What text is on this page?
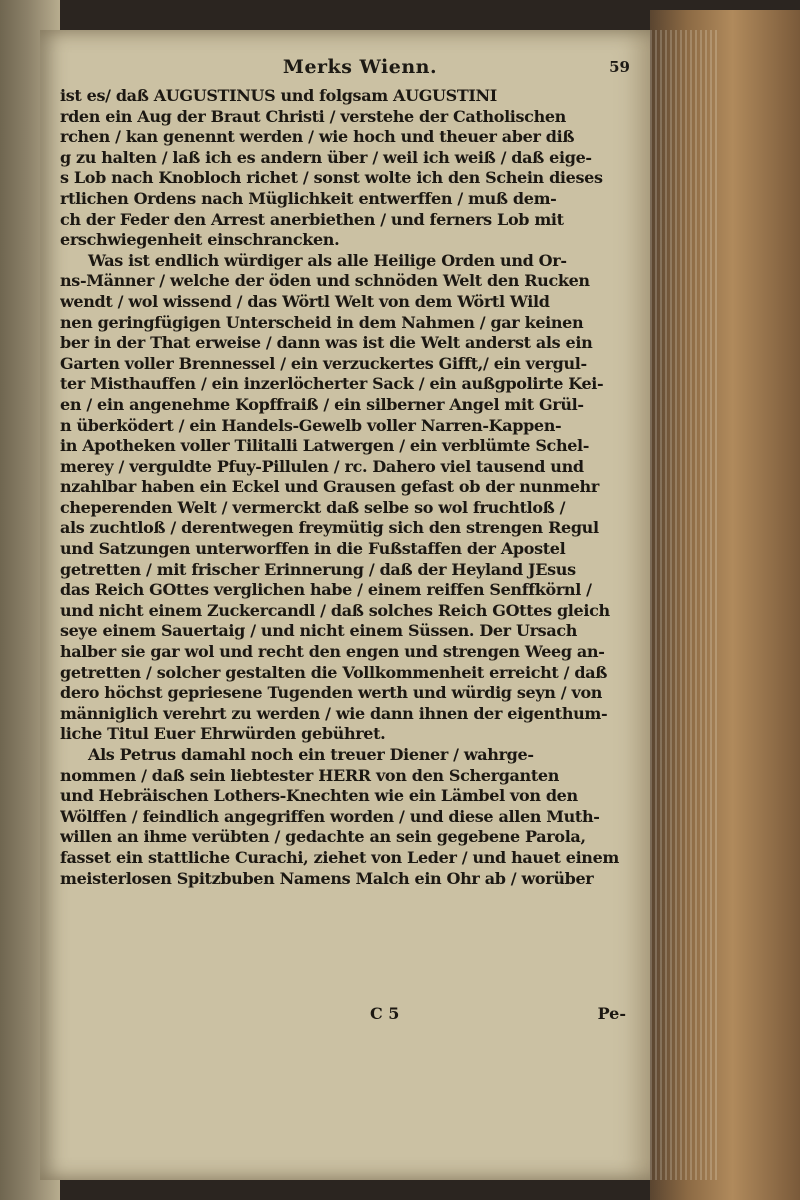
Merks Wienn.	59
ist es/ daß AUGUSTINUS und folgsam AUGUSTINI
rden ein Aug der Braut Christi / verstehe der Catholischen
rchen / kan genennt werden / wie hoch und theuer aber diß
g zu halten / laß ich es andern über / weil ich weiß / daß eige-
s Lob nach Knobloch richet / sonst wolte ich den Schein dieses
rtlichen Ordens nach Müglichkeit entwerffen / muß dem-
ch der Feder den Arrest anerbiethen / und ferners Lob mit
erschwiegenheit einschrancken.
Was ist endlich würdiger als alle Heilige Orden und Or-
ns-Männer / welche der öden und schnöden Welt den Rucken
wendt / wol wissend / das Wörtl Welt von dem Wörtl Wild
nen geringfügigen Unterscheid in dem Nahmen / gar keinen
ber in der That erweise / dann was ist die Welt anderst als ein
Garten voller Brennessel / ein verzuckertes Gifft,/ ein vergul-
ter Misthauffen / ein inzerlöcherter Sack / ein außgpolirte Kei-
en / ein angenehme Kopffraiß / ein silberner Angel mit Grül-
n überködert / ein Handels-Gewelb voller Narren-Kappen-
in Apotheken voller Tilitalli Latwergen / ein verblümte Schel-
merey / verguldte Pfuy-Pillulen / rc. Dahero viel tausend und
nzahlbar haben ein Eckel und Grausen gefast ob der nunmehr
cheperenden Welt / vermerckt daß selbe so wol fruchtloß /
als zuchtloß / derentwegen freymütig sich den strengen Regul
und Satzungen unterworffen in die Fußstaffen der Apostel
getretten / mit frischer Erinnerung / daß der Heyland JEsus
das Reich GOttes verglichen habe / einem reiffen Senffkörnl /
und nicht einem Zuckercandl / daß solches Reich GOttes gleich
seye einem Sauertaig / und nicht einem Süssen. Der Ursach
halber sie gar wol und recht den engen und strengen Weeg an-
getretten / solcher gestalten die Vollkommenheit erreicht / daß
dero höchst gepriesene Tugenden werth und würdig seyn / von
männiglich verehrt zu werden / wie dann ihnen der eigenthum-
liche Titul Euer Ehrwürden gebühret.
Als Petrus damahl noch ein treuer Diener / wahrge-
nommen / daß sein liebtester HERR von den Scherganten
und Hebräischen Lothers-Knechten wie ein Lämbel von den
Wölffen / feindlich angegriffen worden / und diese allen Muth-
willen an ihme verübten / gedachte an sein gegebene Parola,
fasset ein stattliche Curachi, ziehet von Leder / und hauet einem
meisterlosen Spitzbuben Namens Malch ein Ohr ab / worüber
C 5	Pe-
